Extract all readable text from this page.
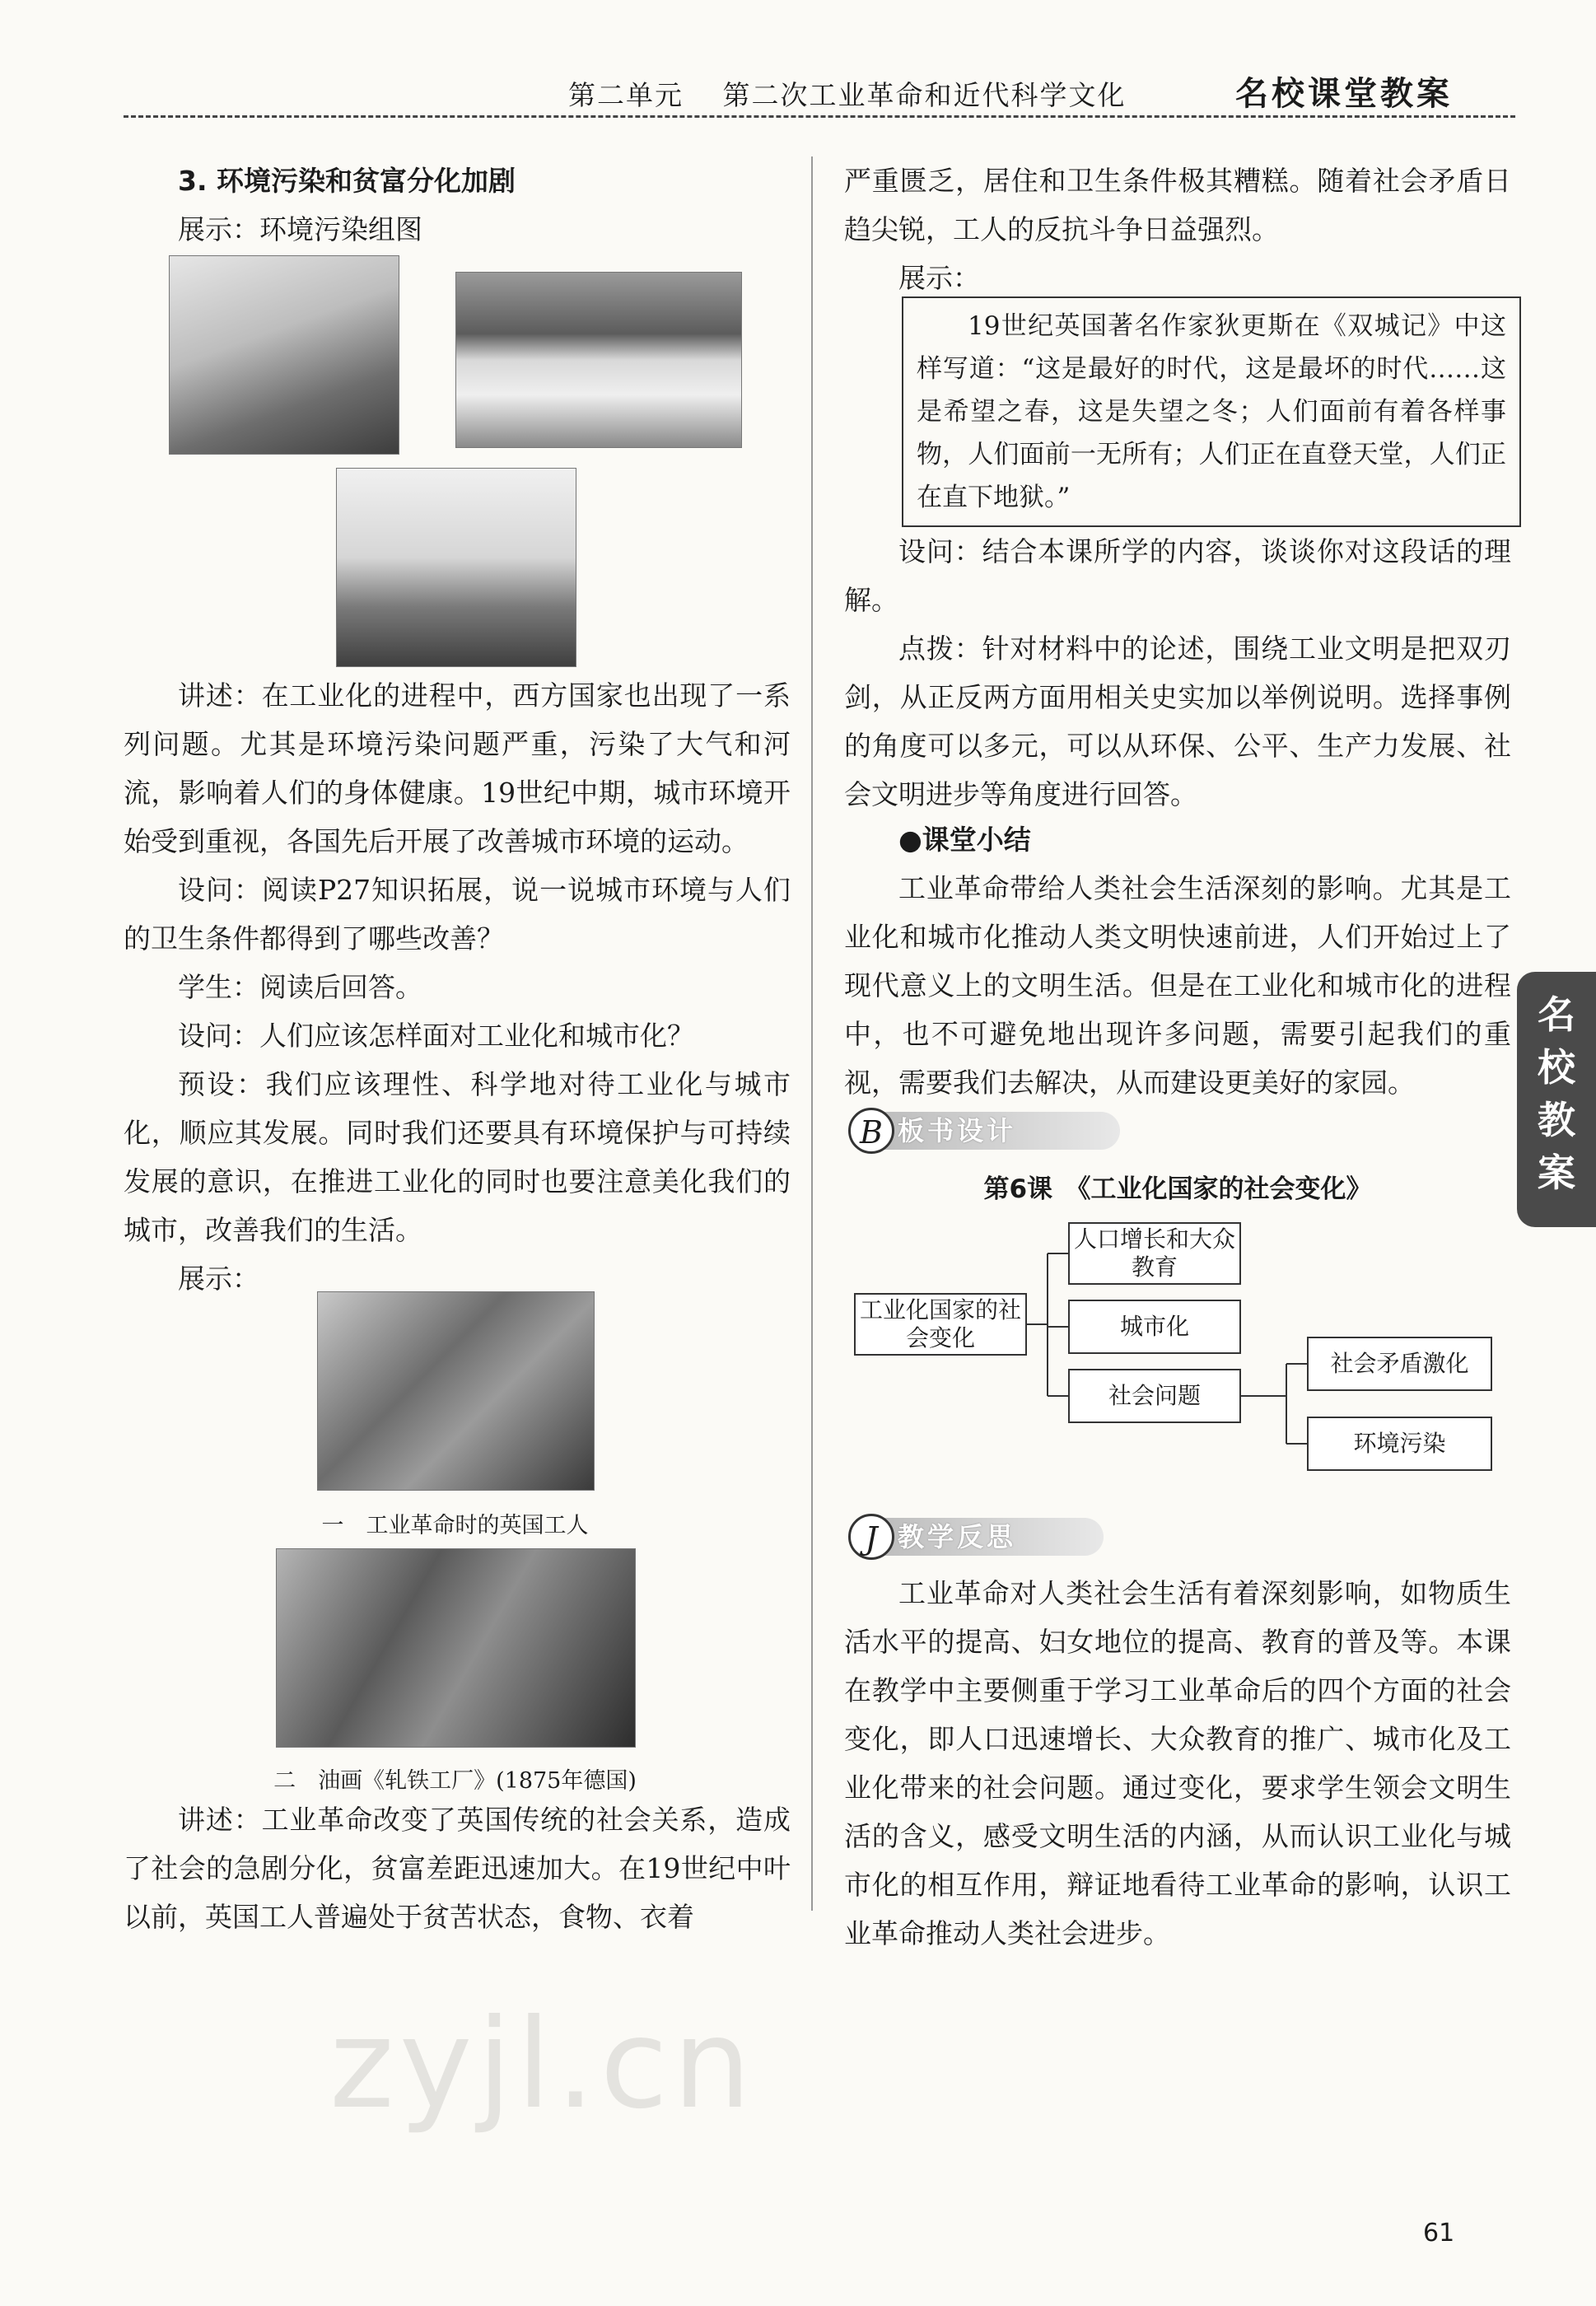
第二单元　 第二次工业革命和近代科学文化	名校课堂教案

3. 环境污染和贫富分化加剧

展示：环境污染组图

讲述：在工业化的进程中，西方国家也出现了一系列问题。尤其是环境污染问题严重，污染了大气和河流，影响着人们的身体健康。19世纪中期，城市环境开始受到重视，各国先后开展了改善城市环境的运动。

设问：阅读P27知识拓展，说一说城市环境与人们的卫生条件都得到了哪些改善？

学生：阅读后回答。

设问：人们应该怎样面对工业化和城市化？

预设：我们应该理性、科学地对待工业化与城市化，顺应其发展。同时我们还要具有环境保护与可持续发展的意识，在推进工业化的同时也要注意美化我们的城市，改善我们的生活。

展示：

一　工业革命时的英国工人
二　油画《轧铁工厂》(1875年德国)

讲述：工业革命改变了英国传统的社会关系，造成了社会的急剧分化，贫富差距迅速加大。在19世纪中叶以前，英国工人普遍处于贫苦状态，食物、衣着

严重匮乏，居住和卫生条件极其糟糕。随着社会矛盾日趋尖锐，工人的反抗斗争日益强烈。

展示：

19世纪英国著名作家狄更斯在《双城记》中这样写道：“这是最好的时代，这是最坏的时代……这是希望之春，这是失望之冬；人们面前有着各样事物，人们面前一无所有；人们正在直登天堂，人们正在直下地狱。”

设问：结合本课所学的内容，谈谈你对这段话的理解。

点拨：针对材料中的论述，围绕工业文明是把双刃剑，从正反两方面用相关史实加以举例说明。选择事例的角度可以多元，可以从环保、公平、生产力发展、社会文明进步等角度进行回答。

●课堂小结

工业革命带给人类社会生活深刻的影响。尤其是工业化和城市化推动人类文明快速前进，人们开始过上了现代意义上的文明生活。但是在工业化和城市化的进程中，也不可避免地出现许多问题，需要引起我们的重视，需要我们去解决，从而建设更美好的家园。

板书设计
B
第6课　《工业化国家的社会变化》
工业化国家的社会变化
人口增长和大众教育
城市化
社会问题
社会矛盾激化
环境污染
教学反思
J

工业革命对人类社会生活有着深刻影响，如物质生活水平的提高、妇女地位的提高、教育的普及等。本课在教学中主要侧重于学习工业革命后的四个方面的社会变化，即人口迅速增长、大众教育的推广、城市化及工业化带来的社会问题。通过变化，要求学生领会文明生活的含义，感受文明生活的内涵，从而认识工业化与城市化的相互作用，辩证地看待工业革命的影响，认识工业革命推动人类社会进步。

名
校
教
案
zyjl.cn
61
